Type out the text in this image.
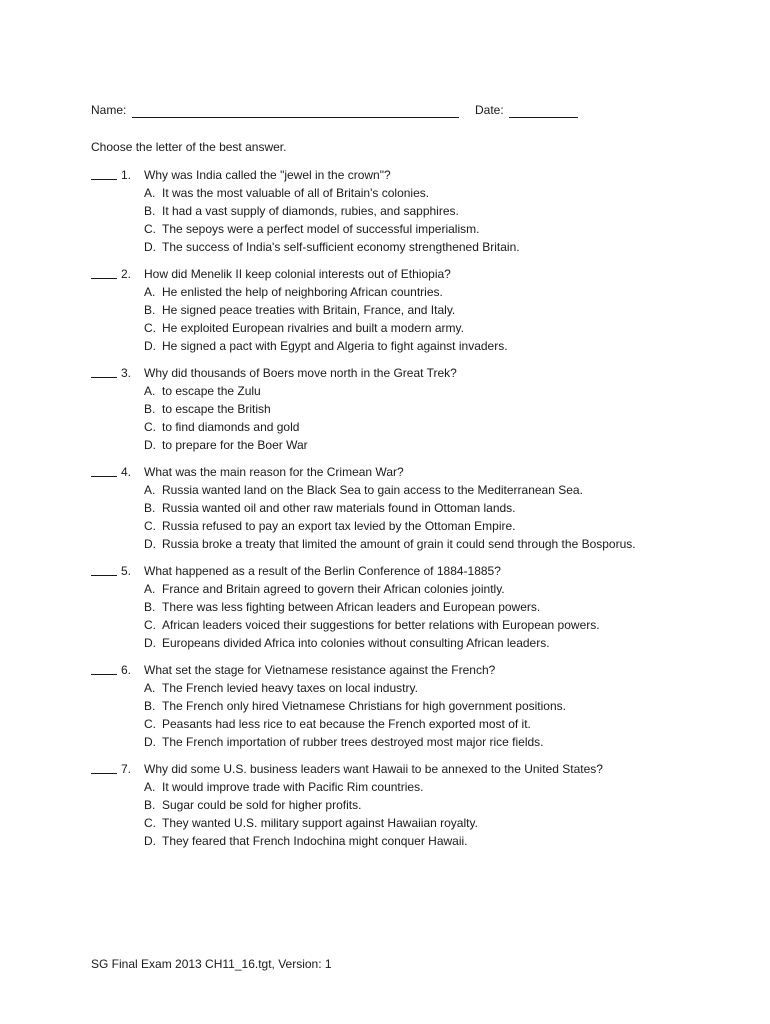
Name:	Date:
Choose the letter of the best answer.
1. Why was India called the "jewel in the crown"?
A. It was the most valuable of all of Britain's colonies.
B. It had a vast supply of diamonds, rubies, and sapphires.
C. The sepoys were a perfect model of successful imperialism.
D. The success of India's self-sufficient economy strengthened Britain.
2. How did Menelik II keep colonial interests out of Ethiopia?
A. He enlisted the help of neighboring African countries.
B. He signed peace treaties with Britain, France, and Italy.
C. He exploited European rivalries and built a modern army.
D. He signed a pact with Egypt and Algeria to fight against invaders.
3. Why did thousands of Boers move north in the Great Trek?
A. to escape the Zulu
B. to escape the British
C. to find diamonds and gold
D. to prepare for the Boer War
4. What was the main reason for the Crimean War?
A. Russia wanted land on the Black Sea to gain access to the Mediterranean Sea.
B. Russia wanted oil and other raw materials found in Ottoman lands.
C. Russia refused to pay an export tax levied by the Ottoman Empire.
D. Russia broke a treaty that limited the amount of grain it could send through the Bosporus.
5. What happened as a result of the Berlin Conference of 1884-1885?
A. France and Britain agreed to govern their African colonies jointly.
B. There was less fighting between African leaders and European powers.
C. African leaders voiced their suggestions for better relations with European powers.
D. Europeans divided Africa into colonies without consulting African leaders.
6. What set the stage for Vietnamese resistance against the French?
A. The French levied heavy taxes on local industry.
B. The French only hired Vietnamese Christians for high government positions.
C. Peasants had less rice to eat because the French exported most of it.
D. The French importation of rubber trees destroyed most major rice fields.
7. Why did some U.S. business leaders want Hawaii to be annexed to the United States?
A. It would improve trade with Pacific Rim countries.
B. Sugar could be sold for higher profits.
C. They wanted U.S. military support against Hawaiian royalty.
D. They feared that French Indochina might conquer Hawaii.
SG Final Exam 2013 CH11_16.tgt, Version: 1
